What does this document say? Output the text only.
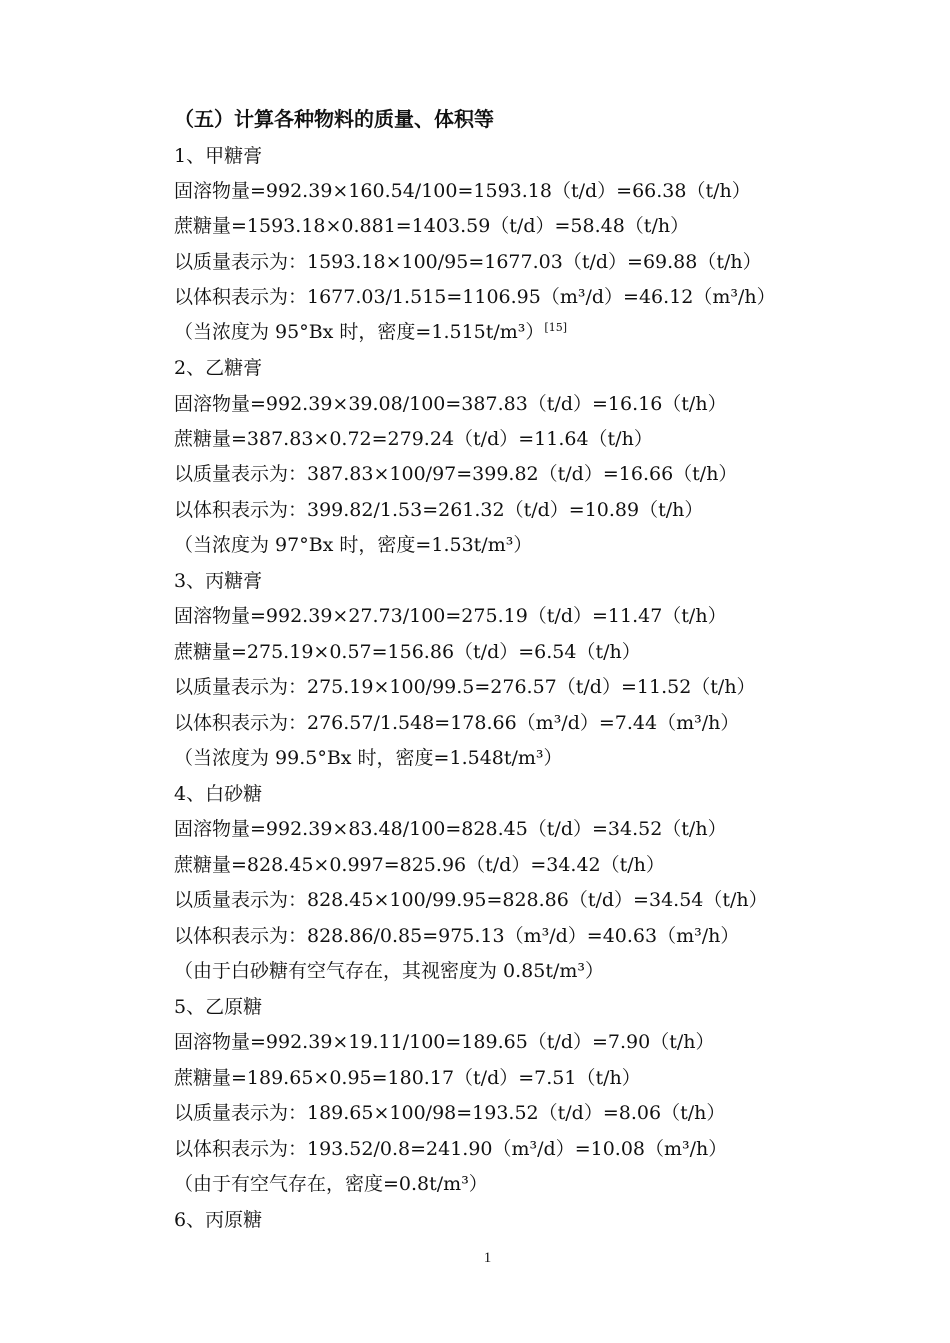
（五）计算各种物料的质量、体积等
1、甲糖膏
固溶物量=992.39×160.54/100=1593.18（t/d）=66.38（t/h）
蔗糖量=1593.18×0.881=1403.59（t/d）=58.48（t/h）
以质量表示为：1593.18×100/95=1677.03（t/d）=69.88（t/h）
以体积表示为：1677.03/1.515=1106.95（m³/d）=46.12（m³/h）
（当浓度为 95°Bx 时，密度=1.515t/m³）[15]
2、乙糖膏
固溶物量=992.39×39.08/100=387.83（t/d）=16.16（t/h）
蔗糖量=387.83×0.72=279.24（t/d）=11.64（t/h）
以质量表示为：387.83×100/97=399.82（t/d）=16.66（t/h）
以体积表示为：399.82/1.53=261.32（t/d）=10.89（t/h）
（当浓度为 97°Bx 时，密度=1.53t/m³）
3、丙糖膏
固溶物量=992.39×27.73/100=275.19（t/d）=11.47（t/h）
蔗糖量=275.19×0.57=156.86（t/d）=6.54（t/h）
以质量表示为：275.19×100/99.5=276.57（t/d）=11.52（t/h）
以体积表示为：276.57/1.548=178.66（m³/d）=7.44（m³/h）
（当浓度为 99.5°Bx 时，密度=1.548t/m³）
4、白砂糖
固溶物量=992.39×83.48/100=828.45（t/d）=34.52（t/h）
蔗糖量=828.45×0.997=825.96（t/d）=34.42（t/h）
以质量表示为：828.45×100/99.95=828.86（t/d）=34.54（t/h）
以体积表示为：828.86/0.85=975.13（m³/d）=40.63（m³/h）
（由于白砂糖有空气存在，其视密度为 0.85t/m³）
5、乙原糖
固溶物量=992.39×19.11/100=189.65（t/d）=7.90（t/h）
蔗糖量=189.65×0.95=180.17（t/d）=7.51（t/h）
以质量表示为：189.65×100/98=193.52（t/d）=8.06（t/h）
以体积表示为：193.52/0.8=241.90（m³/d）=10.08（m³/h）
（由于有空气存在，密度=0.8t/m³）
6、丙原糖
1
